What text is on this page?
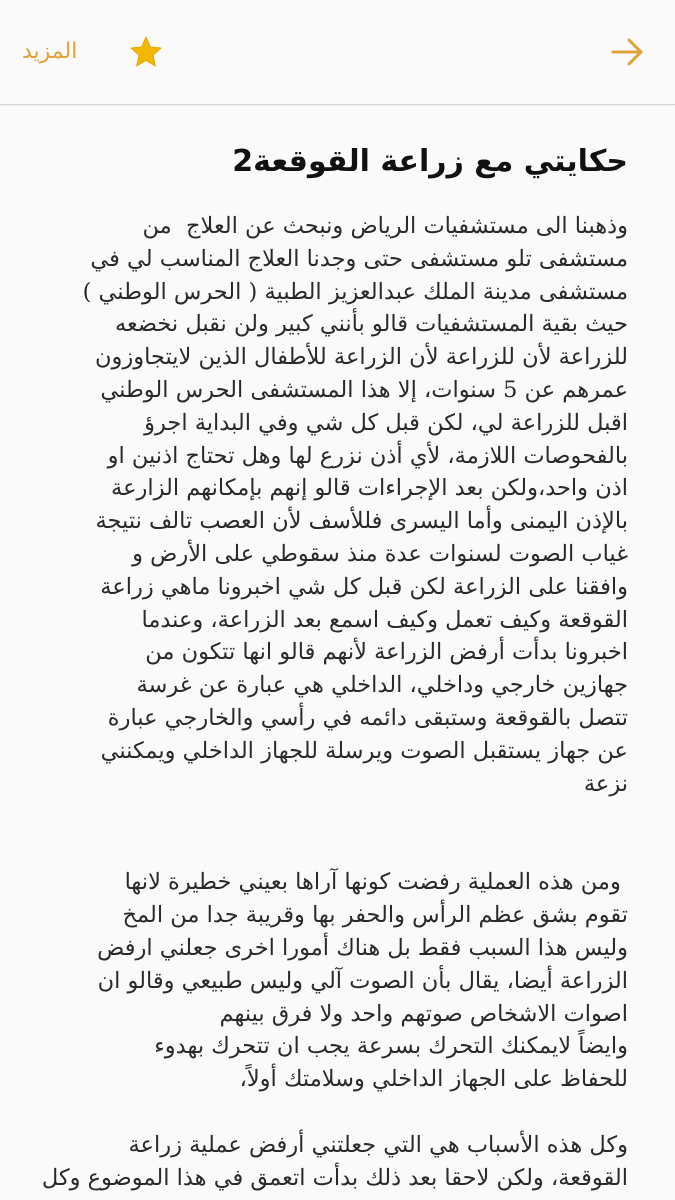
المزيد
حكايتي مع زراعة القوقعة2

وذهبنا الى مستشفيات الرياض ونبحث عن العلاج  من
مستشفى تلو مستشفى حتى وجدنا العلاج المناسب لي في
مستشفى مدينة الملك عبدالعزيز الطبية ( الحرس الوطني )
حيث بقية المستشفيات قالو بأنني كبير ولن نقبل نخضعه
للزراعة لأن للزراعة لأن الزراعة للأطفال الذين لايتجاوزون
عمرهم عن 5 سنوات، إلا هذا المستشفى الحرس الوطني
اقبل للزراعة لي، لكن قبل كل شي وفي البداية اجرؤ
بالفحوصات اللازمة، لأي أذن نزرع لها وهل تحتاج اذنين او
اذن واحد،ولكن بعد الإجراءات قالو إنهم بإمكانهم الزارعة
بالإذن اليمنى وأما اليسرى فللأسف لأن العصب تالف نتيجة
غياب الصوت لسنوات عدة منذ سقوطي على الأرض و
وافقنا على الزراعة لكن قبل كل شي اخبرونا ماهي زراعة
القوقعة وكيف تعمل وكيف اسمع بعد الزراعة، وعندما
اخبرونا بدأت أرفض الزراعة لأنهم قالو انها تتكون من
جهازين خارجي وداخلي، الداخلي هي عبارة عن غرسة
تتصل بالقوقعة وستبقى دائمه في رأسي والخارجي عبارة
عن جهاز يستقبل الصوت ويرسلة للجهاز الداخلي ويمكنني
نزعة

ومن هذه العملية رفضت كونها آراها بعيني خطيرة لانها
تقوم بشق عظم الرأس والحفر بها وقريبة جدا من المخ
وليس هذا السبب فقط بل هناك أمورا اخرى جعلني ارفض
الزراعة أيضا، يقال بأن الصوت آلي وليس طبيعي وقالو ان
اصوات الاشخاص صوتهم واحد ولا فرق بينهم
وايضاً لايمكنك التحرك بسرعة يجب ان تتحرك بهدوء
للحفاظ على الجهاز الداخلي وسلامتك أولاً،

وكل هذه الأسباب هي التي جعلتني أرفض عملية زراعة
القوقعة، ولكن لاحقا بعد ذلك بدأت اتعمق في هذا الموضوع وكل
